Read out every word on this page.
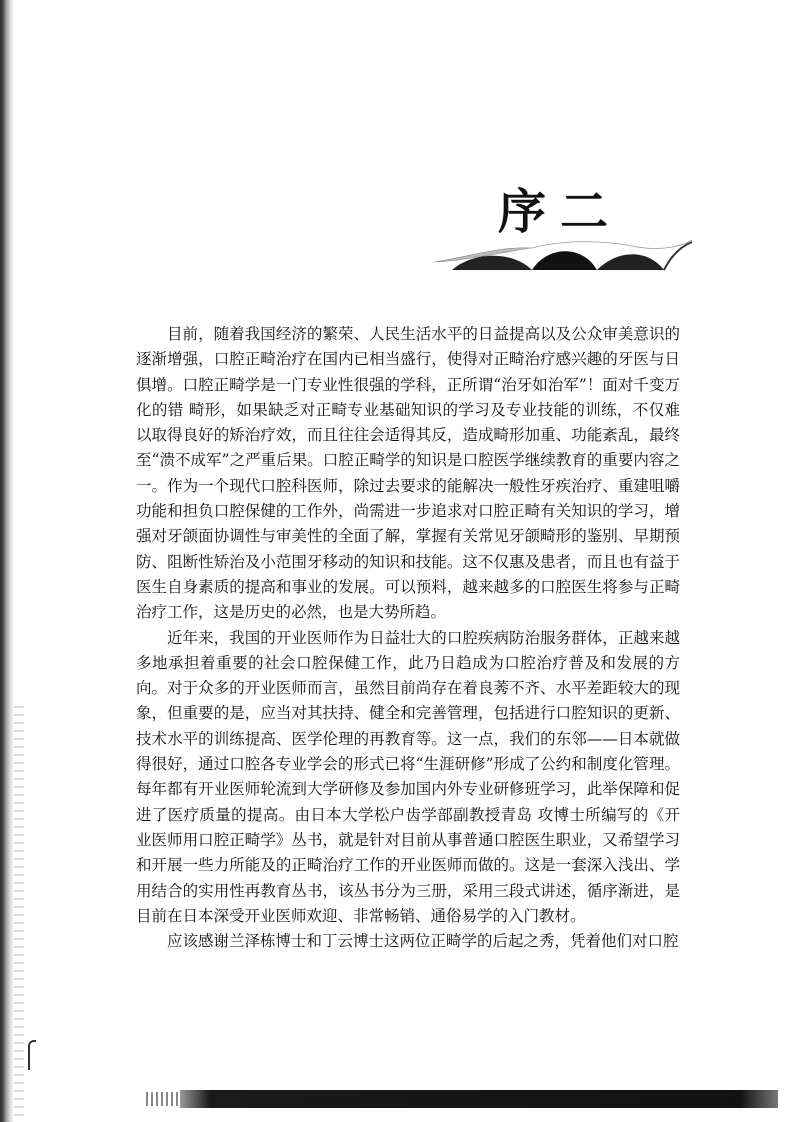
序二

目前，随着我国经济的繁荣、人民生活水平的日益提高以及公众审美意识的逐渐增强，口腔正畸治疗在国内已相当盛行，使得对正畸治疗感兴趣的牙医与日俱增。口腔正畸学是一门专业性很强的学科，正所谓“治牙如治军”！面对千变万化的错 畸形，如果缺乏对正畸专业基础知识的学习及专业技能的训练，不仅难以取得良好的矫治疗效，而且往往会适得其反，造成畸形加重、功能紊乱，最终至“溃不成军”之严重后果。口腔正畸学的知识是口腔医学继续教育的重要内容之一。作为一个现代口腔科医师，除过去要求的能解决一般性牙疾治疗、重建咀嚼功能和担负口腔保健的工作外，尚需进一步追求对口腔正畸有关知识的学习，增强对牙颌面协调性与审美性的全面了解，掌握有关常见牙颌畸形的鉴别、早期预防、阻断性矫治及小范围牙移动的知识和技能。这不仅惠及患者，而且也有益于医生自身素质的提高和事业的发展。可以预料，越来越多的口腔医生将参与正畸治疗工作，这是历史的必然，也是大势所趋。

近年来，我国的开业医师作为日益壮大的口腔疾病防治服务群体，正越来越多地承担着重要的社会口腔保健工作，此乃日趋成为口腔治疗普及和发展的方向。对于众多的开业医师而言，虽然目前尚存在着良莠不齐、水平差距较大的现象，但重要的是，应当对其扶持、健全和完善管理，包括进行口腔知识的更新、技术水平的训练提高、医学伦理的再教育等。这一点，我们的东邻——日本就做得很好，通过口腔各专业学会的形式已将“生涯研修”形成了公约和制度化管理。每年都有开业医师轮流到大学研修及参加国内外专业研修班学习，此举保障和促进了医疗质量的提高。由日本大学松户齿学部副教授青岛 攻博士所编写的《开业医师用口腔正畸学》丛书，就是针对目前从事普通口腔医生职业，又希望学习和开展一些力所能及的正畸治疗工作的开业医师而做的。这是一套深入浅出、学用结合的实用性再教育丛书，该丛书分为三册，采用三段式讲述，循序渐进，是目前在日本深受开业医师欢迎、非常畅销、通俗易学的入门教材。

应该感谢兰泽栋博士和丁云博士这两位正畸学的后起之秀，凭着他们对口腔
